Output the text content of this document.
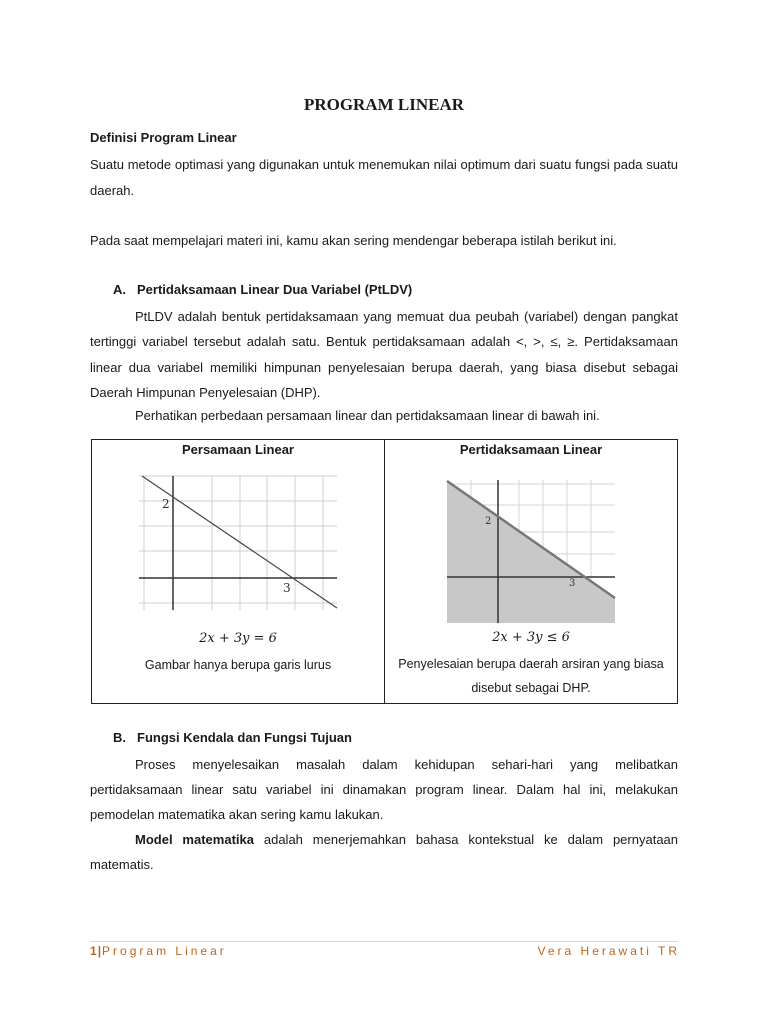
PROGRAM LINEAR
Definisi Program Linear
Suatu metode optimasi yang digunakan untuk menemukan nilai optimum dari suatu fungsi pada suatu daerah.
Pada saat mempelajari materi ini, kamu akan sering mendengar beberapa istilah berikut ini.
A. Pertidaksamaan Linear Dua Variabel (PtLDV)
PtLDV adalah bentuk pertidaksamaan yang memuat dua peubah (variabel) dengan pangkat tertinggi variabel tersebut adalah satu. Bentuk pertidaksamaan adalah <, >, ≤, ≥. Pertidaksamaan linear dua variabel memiliki himpunan penyelesaian berupa daerah, yang biasa disebut sebagai Daerah Himpunan Penyelesaian (DHP).
Perhatikan perbedaan persamaan linear dan pertidaksamaan linear di bawah ini.
Persamaan Linear
2
3
2x + 3y = 6
Gambar hanya berupa garis lurus
Pertidaksamaan Linear
2
3
2x + 3y ≤ 6
Penyelesaian berupa daerah arsiran yang biasa disebut sebagai DHP.
B. Fungsi Kendala dan Fungsi Tujuan
Proses menyelesaikan masalah dalam kehidupan sehari-hari yang melibatkan pertidaksamaan linear satu variabel ini dinamakan program linear. Dalam hal ini, melakukan pemodelan matematika akan sering kamu lakukan.
Model matematika adalah menerjemahkan bahasa kontekstual ke dalam pernyataan matematis.
1|Program Linear	Vera Herawati TR
